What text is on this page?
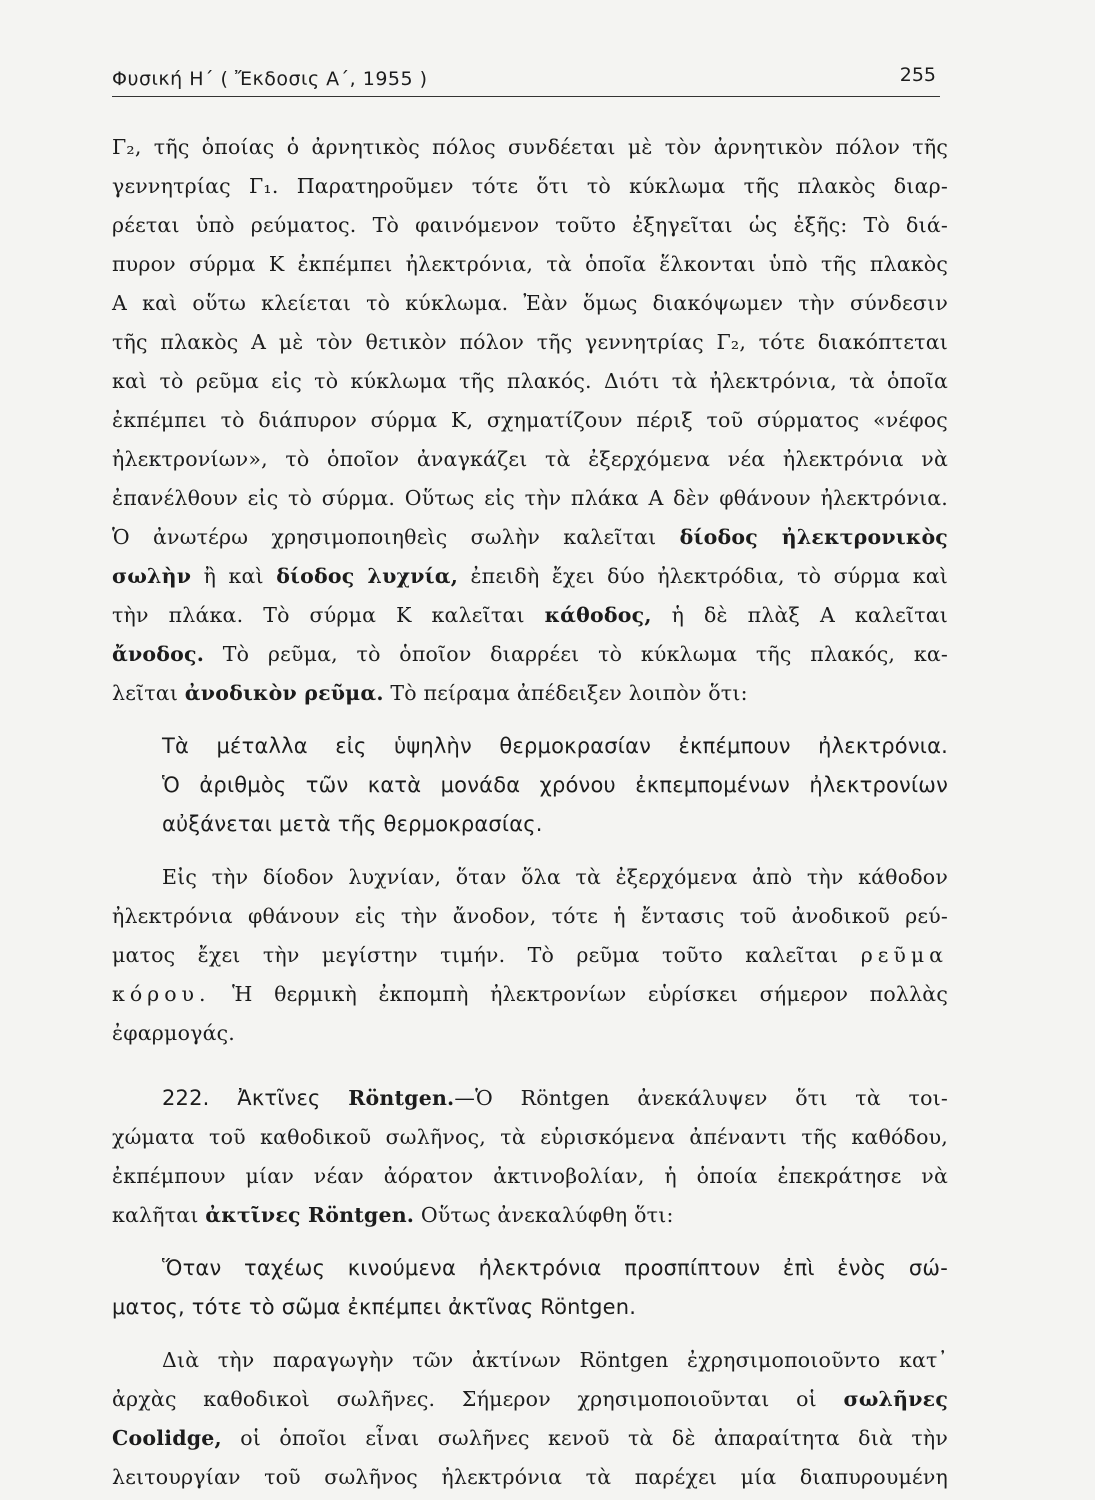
Φυσική Η΄ ( Ἔκδοσις Α΄, 1955 )	255
Γ₂, τῆς ὁποίας ὁ ἀρνητικὸς πόλος συνδέεται μὲ τὸν ἀρνητικὸν πόλον τῆς
γεννητρίας Γ₁. Παρατηροῦμεν τότε ὅτι τὸ κύκλωμα τῆς πλακὸς διαρ-
ρέεται ὑπὸ ρεύματος. Τὸ φαινόμενον τοῦτο ἐξηγεῖται ὡς ἑξῆς: Τὸ διά-
πυρον σύρμα Κ ἐκπέμπει ἠλεκτρόνια, τὰ ὁποῖα ἕλκονται ὑπὸ τῆς πλακὸς
Α καὶ οὕτω κλείεται τὸ κύκλωμα. Ἐὰν ὅμως διακόψωμεν τὴν σύνδεσιν
τῆς πλακὸς Α μὲ τὸν θετικὸν πόλον τῆς γεννητρίας Γ₂, τότε διακόπτεται
καὶ τὸ ρεῦμα εἰς τὸ κύκλωμα τῆς πλακός. Διότι τὰ ἠλεκτρόνια, τὰ ὁποῖα
ἐκπέμπει τὸ διάπυρον σύρμα Κ, σχηματίζουν πέριξ τοῦ σύρματος «νέφος
ἠλεκτρονίων», τὸ ὁποῖον ἀναγκάζει τὰ ἐξερχόμενα νέα ἠλεκτρόνια νὰ
ἐπανέλθουν εἰς τὸ σύρμα. Οὕτως εἰς τὴν πλάκα Α δὲν φθάνουν ἠλεκτρόνια.
Ὁ ἀνωτέρω χρησιμοποιηθεὶς σωλὴν καλεῖται δίοδος ἠλεκτρονικὸς
σωλὴν ἢ καὶ δίοδος λυχνία, ἐπειδὴ ἔχει δύο ἠλεκτρόδια, τὸ σύρμα καὶ
τὴν πλάκα. Τὸ σύρμα Κ καλεῖται κάθοδος, ἡ δὲ πλὰξ Α καλεῖται
ἄνοδος. Τὸ ρεῦμα, τὸ ὁποῖον διαρρέει τὸ κύκλωμα τῆς πλακός, κα-
λεῖται ἀνοδικὸν ρεῦμα. Τὸ πείραμα ἀπέδειξεν λοιπὸν ὅτι:
Τὰ μέταλλα εἰς ὑψηλὴν θερμοκρασίαν ἐκπέμπουν ἠλεκτρόνια.
Ὁ ἀριθμὸς τῶν κατὰ μονάδα χρόνου ἐκπεμπομένων ἠλεκτρονίων
αὐξάνεται μετὰ τῆς θερμοκρασίας.
Εἰς τὴν δίοδον λυχνίαν, ὅταν ὅλα τὰ ἐξερχόμενα ἀπὸ τὴν κάθοδον
ἠλεκτρόνια φθάνουν εἰς τὴν ἄνοδον, τότε ἡ ἔντασις τοῦ ἀνοδικοῦ ρεύ-
ματος ἔχει τὴν μεγίστην τιμήν. Τὸ ρεῦμα τοῦτο καλεῖται ρεῦμα
κόρου. Ἡ θερμικὴ ἐκπομπὴ ἠλεκτρονίων εὑρίσκει σήμερον πολλὰς
ἐφαρμογάς.
222. Ἀκτῖνες Röntgen.—Ὁ Röntgen ἀνεκάλυψεν ὅτι τὰ τοι-
χώματα τοῦ καθοδικοῦ σωλῆνος, τὰ εὑρισκόμενα ἀπέναντι τῆς καθόδου,
ἐκπέμπουν μίαν νέαν ἀόρατον ἀκτινοβολίαν, ἡ ὁποία ἐπεκράτησε νὰ
καλῆται ἀκτῖνες Röntgen. Οὕτως ἀνεκαλύφθη ὅτι:
Ὅταν ταχέως κινούμενα ἠλεκτρόνια προσπίπτουν ἐπὶ ἑνὸς σώ-
ματος, τότε τὸ σῶμα ἐκπέμπει ἀκτῖνας Röntgen.
Διὰ τὴν παραγωγὴν τῶν ἀκτίνων Röntgen ἐχρησιμοποιοῦντο κατ᾽
ἀρχὰς καθοδικοὶ σωλῆνες. Σήμερον χρησιμοποιοῦνται οἱ σωλῆνες
Coolidge, οἱ ὁποῖοι εἶναι σωλῆνες κενοῦ τὰ δὲ ἀπαραίτητα διὰ τὴν
λειτουργίαν τοῦ σωλῆνος ἠλεκτρόνια τὰ παρέχει μία διαπυρουμένη
